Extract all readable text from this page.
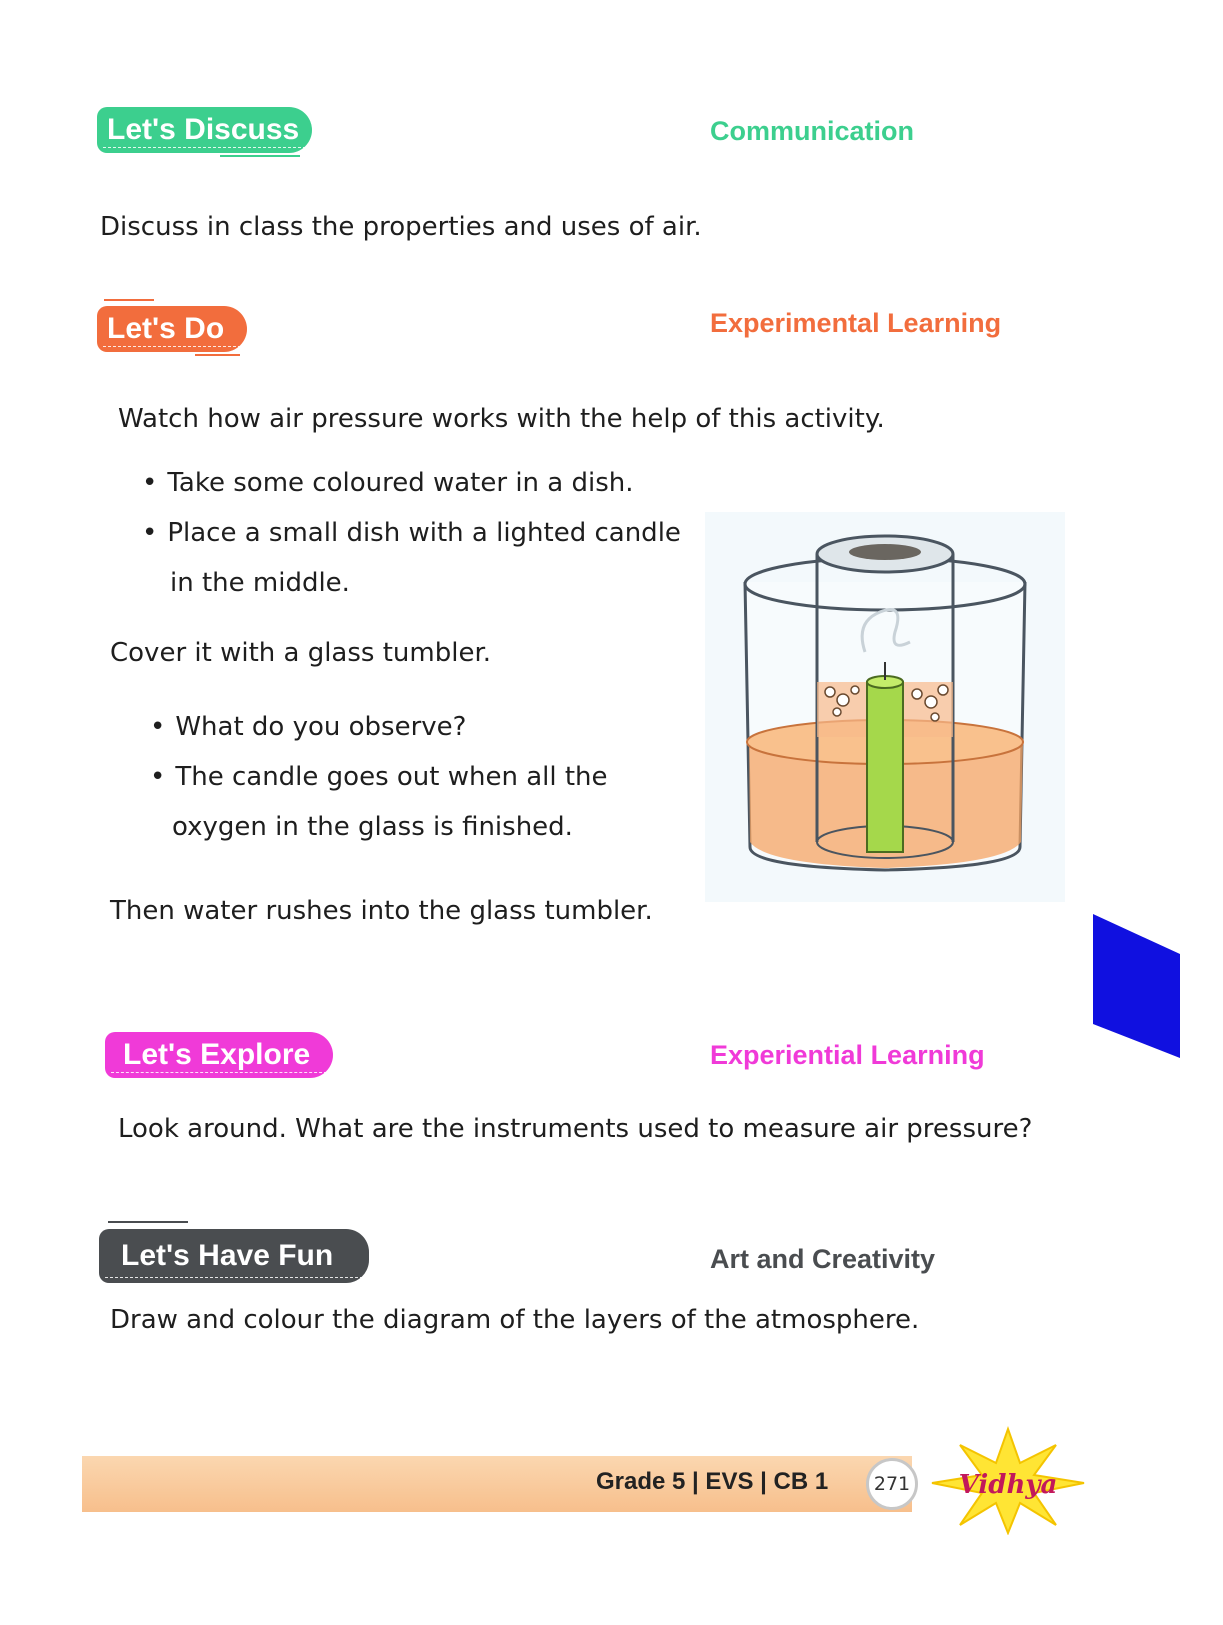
Let's Discuss	Communication
Discuss in class the properties and uses of air.
Let's Do	Experimental Learning
Watch how air pressure works with the help of this activity.
• Take some coloured water in a dish.
• Place a small dish with a lighted candle
in the middle.
Cover it with a glass tumbler.
• What do you observe?
• The candle goes out when all the
oxygen in the glass is finished.
Then water rushes into the glass tumbler.
Let's Explore	Experiential Learning
Look around. What are the instruments used to measure air pressure?
Let's Have Fun	Art and Creativity
Draw and colour the diagram of the layers of the atmosphere.
Grade 5 | EVS | CB 1	271	Vidhya
